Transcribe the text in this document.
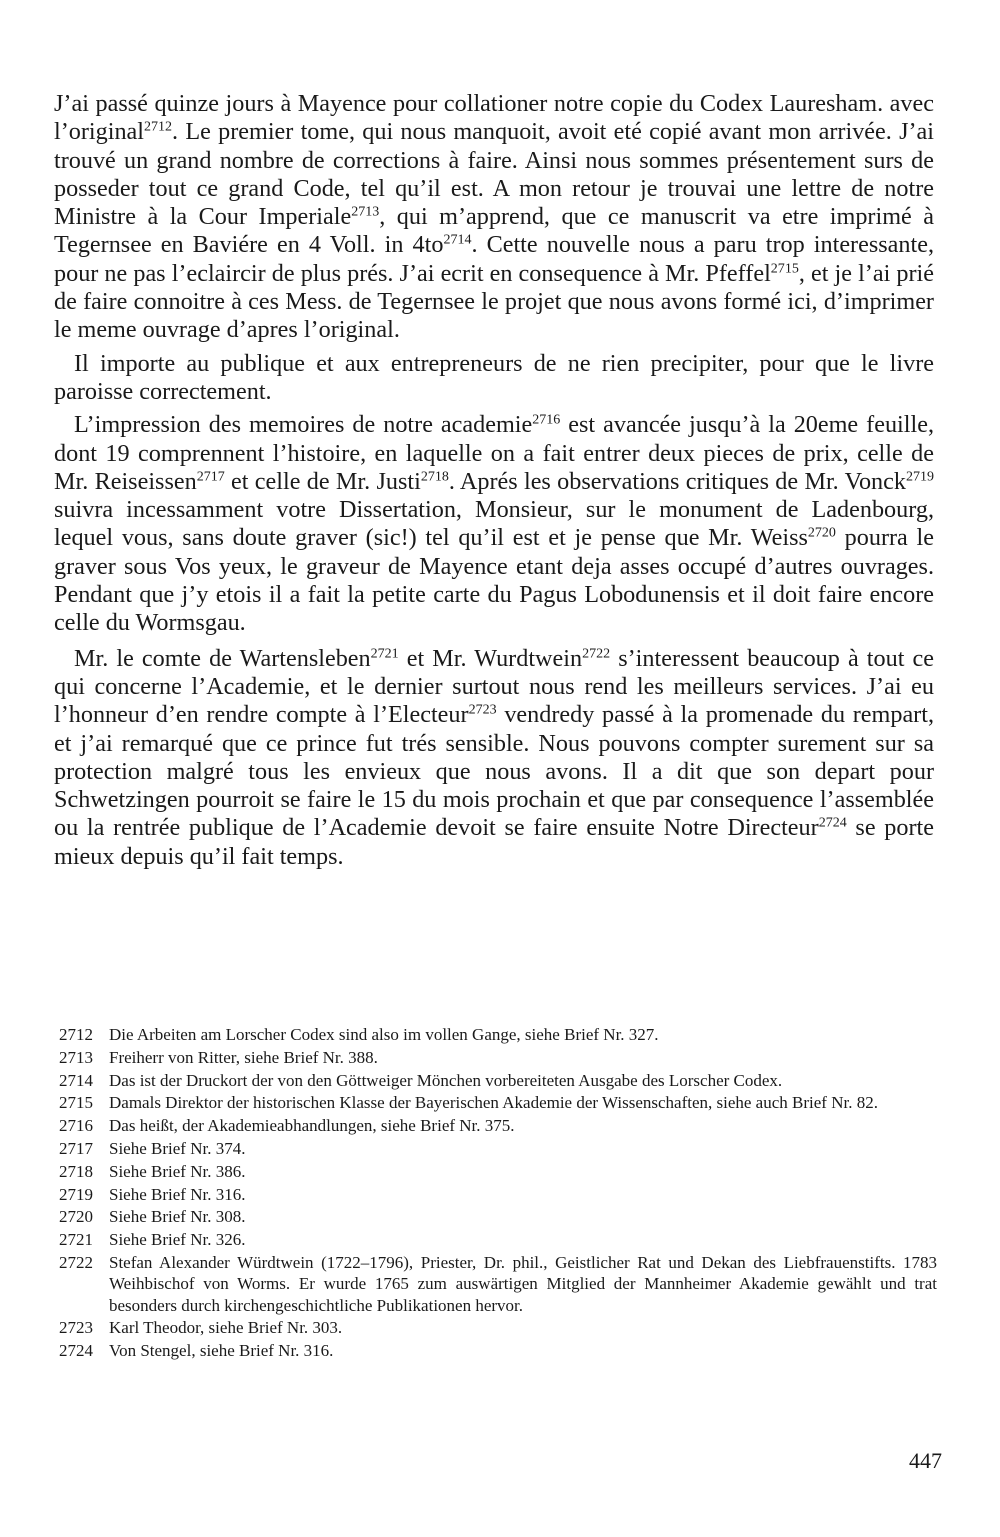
J’ai passé quinze jours à Mayence pour collationer notre copie du Codex Lauresham. avec l’original$^{2712}$. Le premier tome, qui nous manquoit, avoit eté copié avant mon arrivée. J’ai trouvé un grand nombre de corrections à faire. Ainsi nous sommes présentement surs de posseder tout ce grand Code, tel qu’il est. A mon retour je trouvai une lettre de notre Ministre à la Cour Imperiale$^{2713}$, qui m’apprend, que ce manuscrit va etre imprimé à Tegernsee en Baviére en 4 Voll. in $4to^{2714}$. Cette nouvelle nous a paru trop interessante, pour ne pas l’eclaircir de plus prés. J’ai ecrit en consequence à Mr. Pfeffel$^{2715}$, et je l’ai prié de faire connoitre à ces Mess. de Tegernsee le projet que nous avons formé ici, d’imprimer le meme ouvrage d’apres l’original.

Il importe au publique et aux entrepreneurs de ne rien precipiter, pour que le livre paroisse correctement.

L’impression des memoires de notre academie$^{2716}$ est avancée jusqu’à la 20eme feuille, dont 19 comprennent l’histoire, en laquelle on a fait entrer deux pieces de prix, celle de Mr. Reiseissen$^{2717}$ et celle de Mr. Justi$^{2718}$. Aprés les observations critiques de Mr. Vonck$^{2719}$ suivra incessamment votre Dissertation, Monsieur, sur le monument de Ladenbourg, lequel vous, sans doute graver (sic!) tel qu’il est et je pense que Mr. Weiss$^{2720}$ pourra le graver sous Vos yeux, le graveur de Mayence etant deja asses occupé d’autres ouvrages. Pendant que j’y etois il a fait la petite carte du Pagus Lobodunensis et il doit faire encore celle du Wormsgau.

Mr. le comte de Wartensleben$^{2721}$ et Mr. Wurdtwein$^{2722}$ s’interessent beaucoup à tout ce qui concerne l’Academie, et le dernier surtout nous rend les meilleurs services. J’ai eu l’honneur d’en rendre compte à l’Electeur$^{2723}$ vendredy passé à la promenade du rempart, et j’ai remarqué que ce prince fut trés sensible. Nous pouvons compter surement sur sa protection malgré tous les envieux que nous avons. Il a dit que son depart pour Schwetzingen pourroit se faire le 15 du mois prochain et que par consequence l’assemblée ou la rentrée publique de l’Academie devoit se faire ensuite Notre Directeur$^{2724}$ se porte mieux depuis qu’il fait temps.

2712 Die Arbeiten am Lorscher Codex sind also im vollen Gange, siehe Brief Nr. 327.
2713 Freiherr von Ritter, siehe Brief Nr. 388.
2714 Das ist der Druckort der von den Göttweiger Mönchen vorbereiteten Ausgabe des Lorscher Codex.
2715 Damals Direktor der historischen Klasse der Bayerischen Akademie der Wissenschaften, siehe auch Brief Nr. 82.
2716 Das heißt, der Akademieabhandlungen, siehe Brief Nr. 375.
2717 Siehe Brief Nr. 374.
2718 Siehe Brief Nr. 386.
2719 Siehe Brief Nr. 316.
2720 Siehe Brief Nr. 308.
2721 Siehe Brief Nr. 326.
2722 Stefan Alexander Würdtwein (1722–1796), Priester, Dr. phil., Geistlicher Rat und Dekan des Liebfrauenstifts. 1783 Weihbischof von Worms. Er wurde 1765 zum auswärtigen Mitglied der Mannheimer Akademie gewählt und trat besonders durch kirchengeschichtliche Publikationen hervor.
2723 Karl Theodor, siehe Brief Nr. 303.
2724 Von Stengel, siehe Brief Nr. 316.
447
